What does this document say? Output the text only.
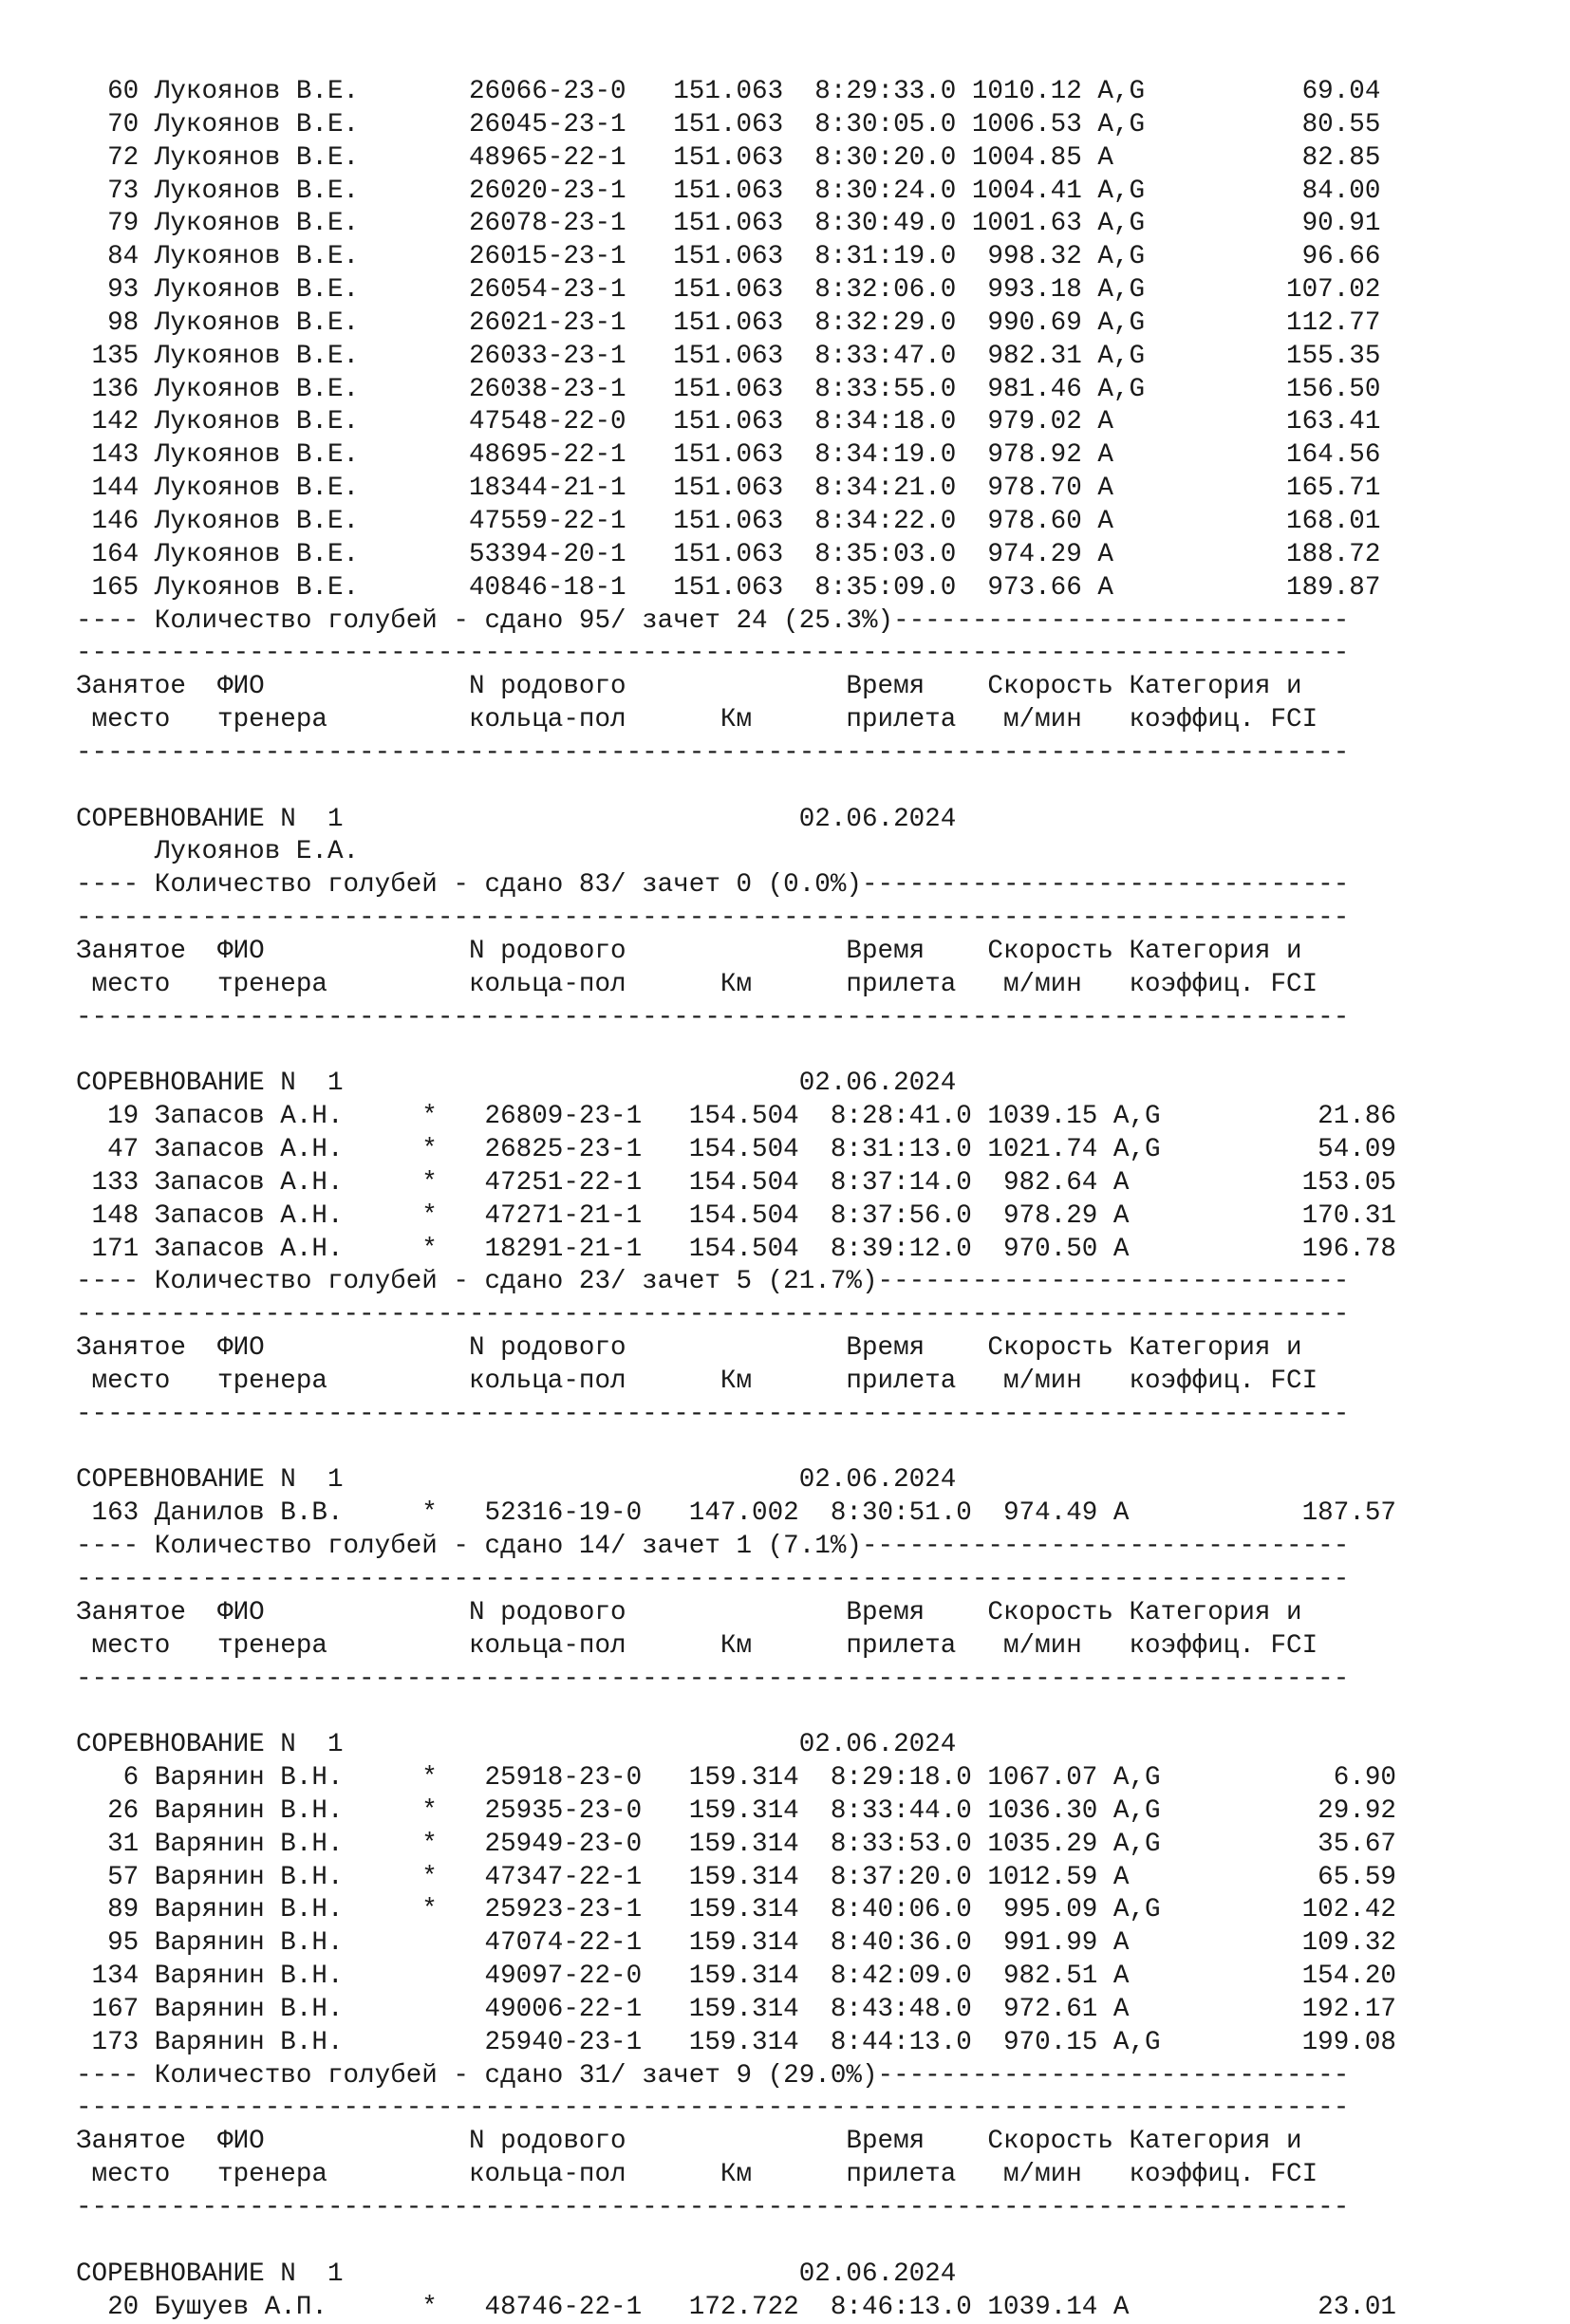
60 Лукоянов В.Е.       26066-23-0   151.063  8:29:33.0 1010.12 A,G          69.04
70 Лукоянов В.Е.       26045-23-1   151.063  8:30:05.0 1006.53 A,G          80.55
72 Лукоянов В.Е.       48965-22-1   151.063  8:30:20.0 1004.85 A            82.85
73 Лукоянов В.Е.       26020-23-1   151.063  8:30:24.0 1004.41 A,G          84.00
79 Лукоянов В.Е.       26078-23-1   151.063  8:30:49.0 1001.63 A,G          90.91
84 Лукоянов В.Е.       26015-23-1   151.063  8:31:19.0  998.32 A,G          96.66
93 Лукоянов В.Е.       26054-23-1   151.063  8:32:06.0  993.18 A,G         107.02
98 Лукоянов В.Е.       26021-23-1   151.063  8:32:29.0  990.69 A,G         112.77
135 Лукоянов В.Е.       26033-23-1   151.063  8:33:47.0  982.31 A,G         155.35
136 Лукоянов В.Е.       26038-23-1   151.063  8:33:55.0  981.46 A,G         156.50
142 Лукоянов В.Е.       47548-22-0   151.063  8:34:18.0  979.02 A           163.41
143 Лукоянов В.Е.       48695-22-1   151.063  8:34:19.0  978.92 A           164.56
144 Лукоянов В.Е.       18344-21-1   151.063  8:34:21.0  978.70 A           165.71
146 Лукоянов В.Е.       47559-22-1   151.063  8:34:22.0  978.60 A           168.01
164 Лукоянов В.Е.       53394-20-1   151.063  8:35:03.0  974.29 A           188.72
165 Лукоянов В.Е.       40846-18-1   151.063  8:35:09.0  973.66 A           189.87
---- Количество голубей - сдано 95/ зачет 24 (25.3%)-----------------------------
---------------------------------------------------------------------------------
Занятое  ФИО             N родового              Время    Скорость Категория и
место   тренера         кольца-пол      Км      прилета   м/мин   коэффиц. FCI
---------------------------------------------------------------------------------
СОРЕВНОВАНИЕ N  1                             02.06.2024
Лукоянов Е.А.
---- Количество голубей - сдано 83/ зачет 0 (0.0%)-------------------------------
---------------------------------------------------------------------------------
Занятое  ФИО             N родового              Время    Скорость Категория и
место   тренера         кольца-пол      Км      прилета   м/мин   коэффиц. FCI
---------------------------------------------------------------------------------
СОРЕВНОВАНИЕ N  1                             02.06.2024
19 Запасов А.Н.     *   26809-23-1   154.504  8:28:41.0 1039.15 A,G          21.86
47 Запасов А.Н.     *   26825-23-1   154.504  8:31:13.0 1021.74 A,G          54.09
133 Запасов А.Н.     *   47251-22-1   154.504  8:37:14.0  982.64 A           153.05
148 Запасов А.Н.     *   47271-21-1   154.504  8:37:56.0  978.29 A           170.31
171 Запасов А.Н.     *   18291-21-1   154.504  8:39:12.0  970.50 A           196.78
---- Количество голубей - сдано 23/ зачет 5 (21.7%)------------------------------
---------------------------------------------------------------------------------
Занятое  ФИО             N родового              Время    Скорость Категория и
место   тренера         кольца-пол      Км      прилета   м/мин   коэффиц. FCI
---------------------------------------------------------------------------------
СОРЕВНОВАНИЕ N  1                             02.06.2024
163 Данилов В.В.     *   52316-19-0   147.002  8:30:51.0  974.49 A           187.57
---- Количество голубей - сдано 14/ зачет 1 (7.1%)-------------------------------
---------------------------------------------------------------------------------
Занятое  ФИО             N родового              Время    Скорость Категория и
место   тренера         кольца-пол      Км      прилета   м/мин   коэффиц. FCI
---------------------------------------------------------------------------------
СОРЕВНОВАНИЕ N  1                             02.06.2024
6 Варянин В.Н.     *   25918-23-0   159.314  8:29:18.0 1067.07 A,G           6.90
26 Варянин В.Н.     *   25935-23-0   159.314  8:33:44.0 1036.30 A,G          29.92
31 Варянин В.Н.     *   25949-23-0   159.314  8:33:53.0 1035.29 A,G          35.67
57 Варянин В.Н.     *   47347-22-1   159.314  8:37:20.0 1012.59 A            65.59
89 Варянин В.Н.     *   25923-23-1   159.314  8:40:06.0  995.09 A,G         102.42
95 Варянин В.Н.         47074-22-1   159.314  8:40:36.0  991.99 A           109.32
134 Варянин В.Н.         49097-22-0   159.314  8:42:09.0  982.51 A           154.20
167 Варянин В.Н.         49006-22-1   159.314  8:43:48.0  972.61 A           192.17
173 Варянин В.Н.         25940-23-1   159.314  8:44:13.0  970.15 A,G         199.08
---- Количество голубей - сдано 31/ зачет 9 (29.0%)------------------------------
---------------------------------------------------------------------------------
Занятое  ФИО             N родового              Время    Скорость Категория и
место   тренера         кольца-пол      Км      прилета   м/мин   коэффиц. FCI
---------------------------------------------------------------------------------
СОРЕВНОВАНИЕ N  1                             02.06.2024
20 Бушуев А.П.      *   48746-22-1   172.722  8:46:13.0 1039.14 A            23.01
